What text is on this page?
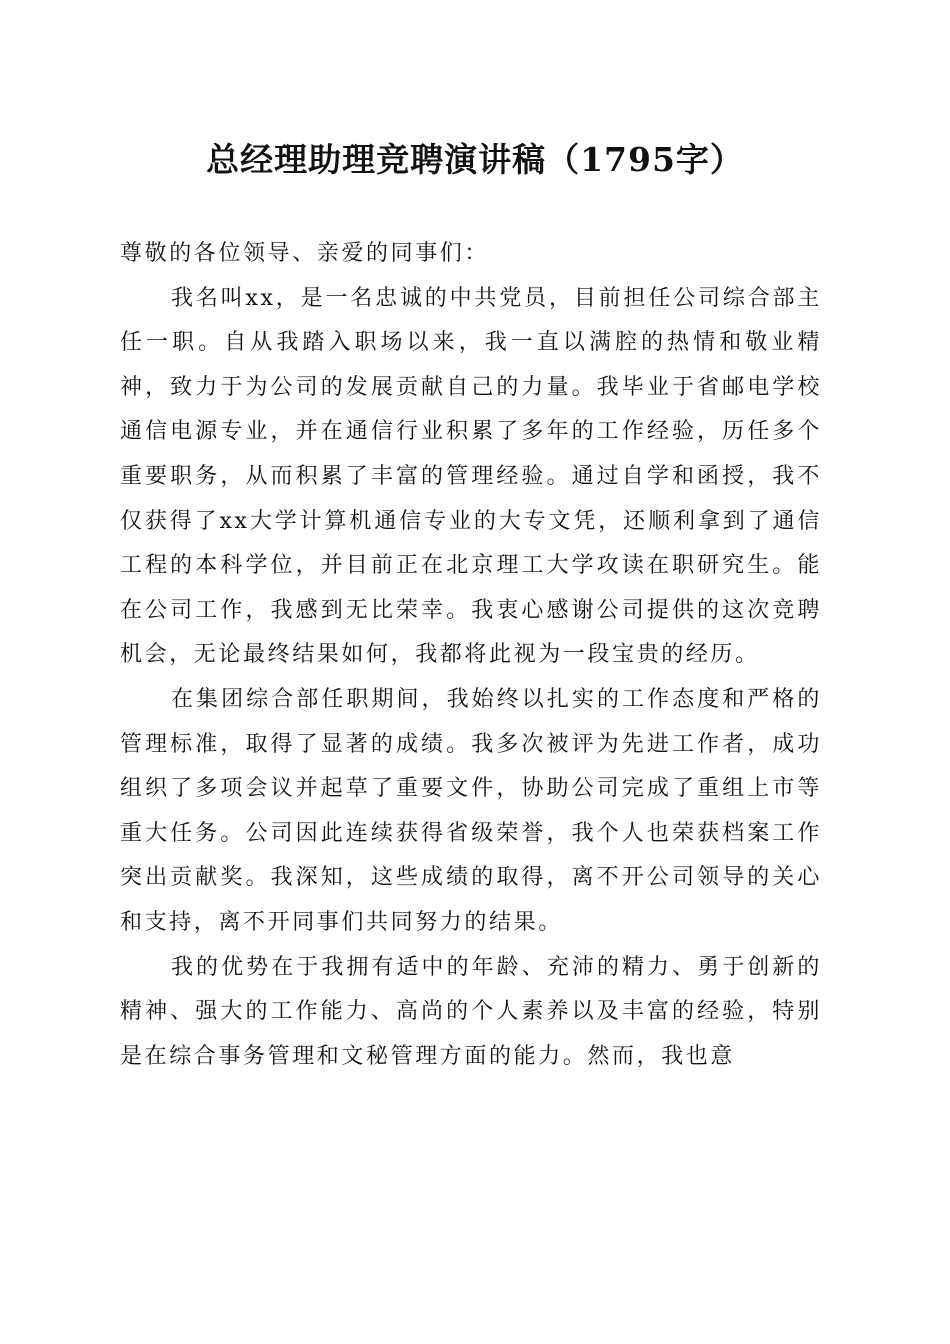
总经理助理竞聘演讲稿（1795字）

尊敬的各位领导、亲爱的同事们：

我名叫xx，是一名忠诚的中共党员，目前担任公司综合部主任一职。自从我踏入职场以来，我一直以满腔的热情和敬业精神，致力于为公司的发展贡献自己的力量。我毕业于省邮电学校通信电源专业，并在通信行业积累了多年的工作经验，历任多个重要职务，从而积累了丰富的管理经验。通过自学和函授，我不仅获得了xx大学计算机通信专业的大专文凭，还顺利拿到了通信工程的本科学位，并目前正在北京理工大学攻读在职研究生。能在公司工作，我感到无比荣幸。我衷心感谢公司提供的这次竞聘机会，无论最终结果如何，我都将此视为一段宝贵的经历。

在集团综合部任职期间，我始终以扎实的工作态度和严格的管理标准，取得了显著的成绩。我多次被评为先进工作者，成功组织了多项会议并起草了重要文件，协助公司完成了重组上市等重大任务。公司因此连续获得省级荣誉，我个人也荣获档案工作突出贡献奖。我深知，这些成绩的取得，离不开公司领导的关心和支持，离不开同事们共同努力的结果。

我的优势在于我拥有适中的年龄、充沛的精力、勇于创新的精神、强大的工作能力、高尚的个人素养以及丰富的经验，特别是在综合事务管理和文秘管理方面的能力。然而，我也意
